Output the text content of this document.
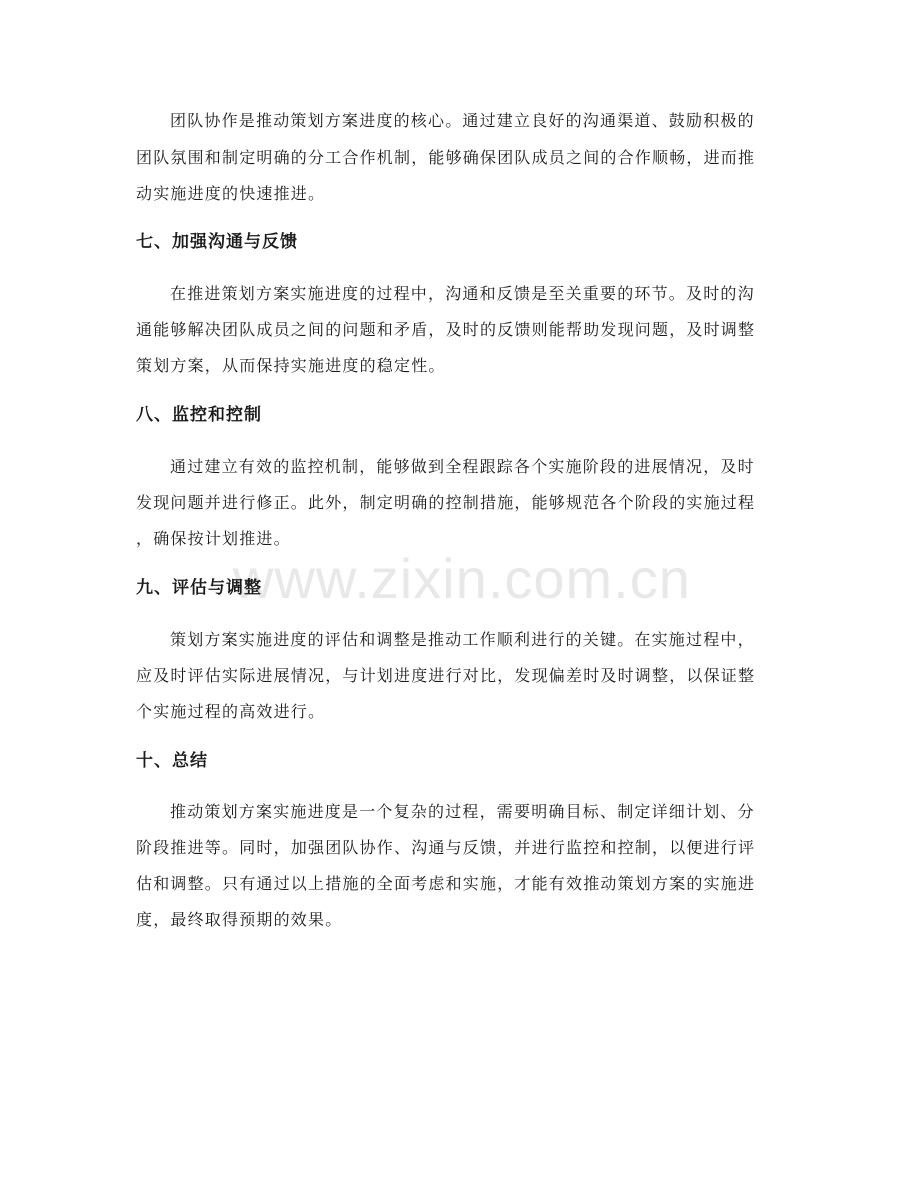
www.zixin.com.cn
团队协作是推动策划方案进度的核心。通过建立良好的沟通渠道、鼓励积极的
团队氛围和制定明确的分工合作机制，能够确保团队成员之间的合作顺畅，进而推
动实施进度的快速推进。
七、加强沟通与反馈
在推进策划方案实施进度的过程中，沟通和反馈是至关重要的环节。及时的沟
通能够解决团队成员之间的问题和矛盾，及时的反馈则能帮助发现问题，及时调整
策划方案，从而保持实施进度的稳定性。
八、监控和控制
通过建立有效的监控机制，能够做到全程跟踪各个实施阶段的进展情况，及时
发现问题并进行修正。此外，制定明确的控制措施，能够规范各个阶段的实施过程
，确保按计划推进。
九、评估与调整
策划方案实施进度的评估和调整是推动工作顺利进行的关键。在实施过程中，
应及时评估实际进展情况，与计划进度进行对比，发现偏差时及时调整，以保证整
个实施过程的高效进行。
十、总结
推动策划方案实施进度是一个复杂的过程，需要明确目标、制定详细计划、分
阶段推进等。同时，加强团队协作、沟通与反馈，并进行监控和控制，以便进行评
估和调整。只有通过以上措施的全面考虑和实施，才能有效推动策划方案的实施进
度，最终取得预期的效果。
